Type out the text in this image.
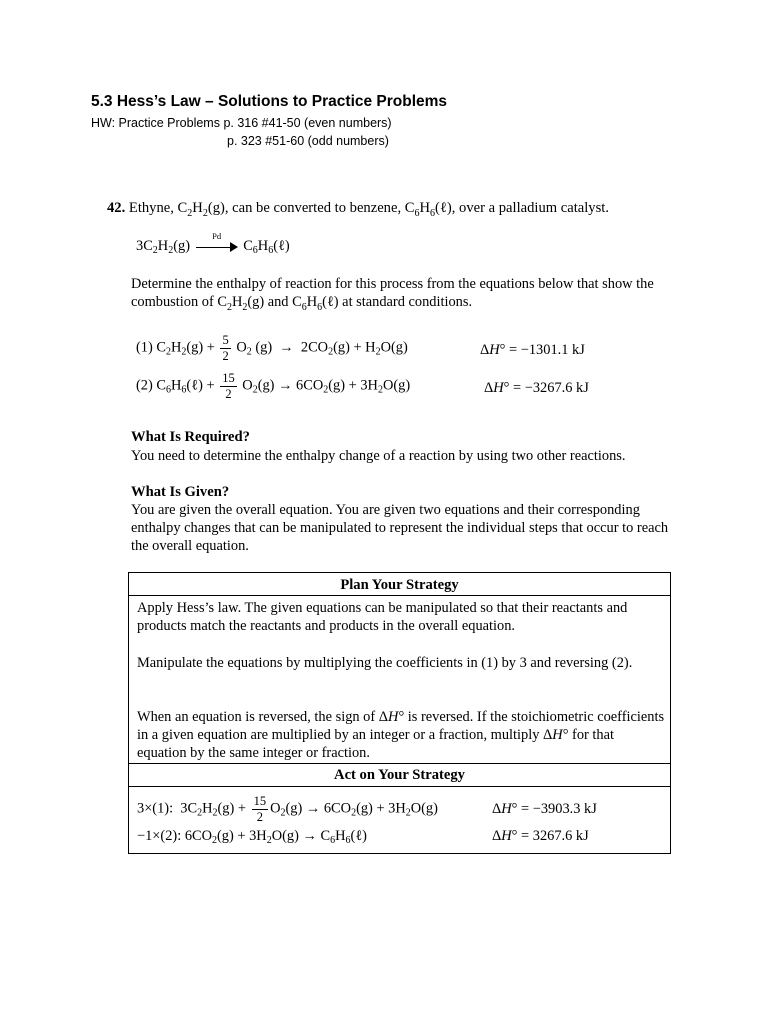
5.3 Hess’s Law – Solutions to Practice Problems
HW: Practice Problems p. 316 #41-50 (even numbers)
p. 323 #51-60 (odd numbers)
42. Ethyne, $C_2H_2(g)$, can be converted to benzene, $C_6H_6(\ell)$, over a palladium catalyst.
$3C_2H_2(g)$
Pd
$C_6H_6(\ell)$
Determine the enthalpy of reaction for this process from the equations below that show the combustion of $C_2H_2(g)$ and $C_6H_6(\ell)$ at standard conditions.
(1) $C_2H_2(g) + \frac{5}{2} O_2$ $(g) \to 2CO_2(g) + H_2O(g)$	ΔH° = −1301.1 kJ
(2) $C_6H_6(\ell) + \frac{15}{2} O_2(g) \to 6CO_2(g) + 3H_2O(g)$	ΔH° = −3267.6 kJ
What Is Required?
You need to determine the enthalpy change of a reaction by using two other reactions.
What Is Given?
You are given the overall equation. You are given two equations and their corresponding enthalpy changes that can be manipulated to represent the individual steps that occur to reach the overall equation.
Plan Your Strategy
Apply Hess’s law. The given equations can be manipulated so that their reactants and products match the reactants and products in the overall equation.
Manipulate the equations by multiplying the coefficients in (1) by 3 and reversing (2).
When an equation is reversed, the sign of ΔH° is reversed. If the stoichiometric coefficients in a given equation are multiplied by an integer or a fraction, multiply ΔH° for that equation by the same integer or fraction.
Act on Your Strategy
3×(1):  $3C_2H_2(g) + \frac{15}{2} O_2(g) \to 6CO_2(g) + 3H_2O(g)$	ΔH° = −3903.3 kJ
−1×(2): $6CO_2(g) + 3H_2O(g)$ → $C_6H_6(\ell)$	ΔH° = 3267.6 kJ
